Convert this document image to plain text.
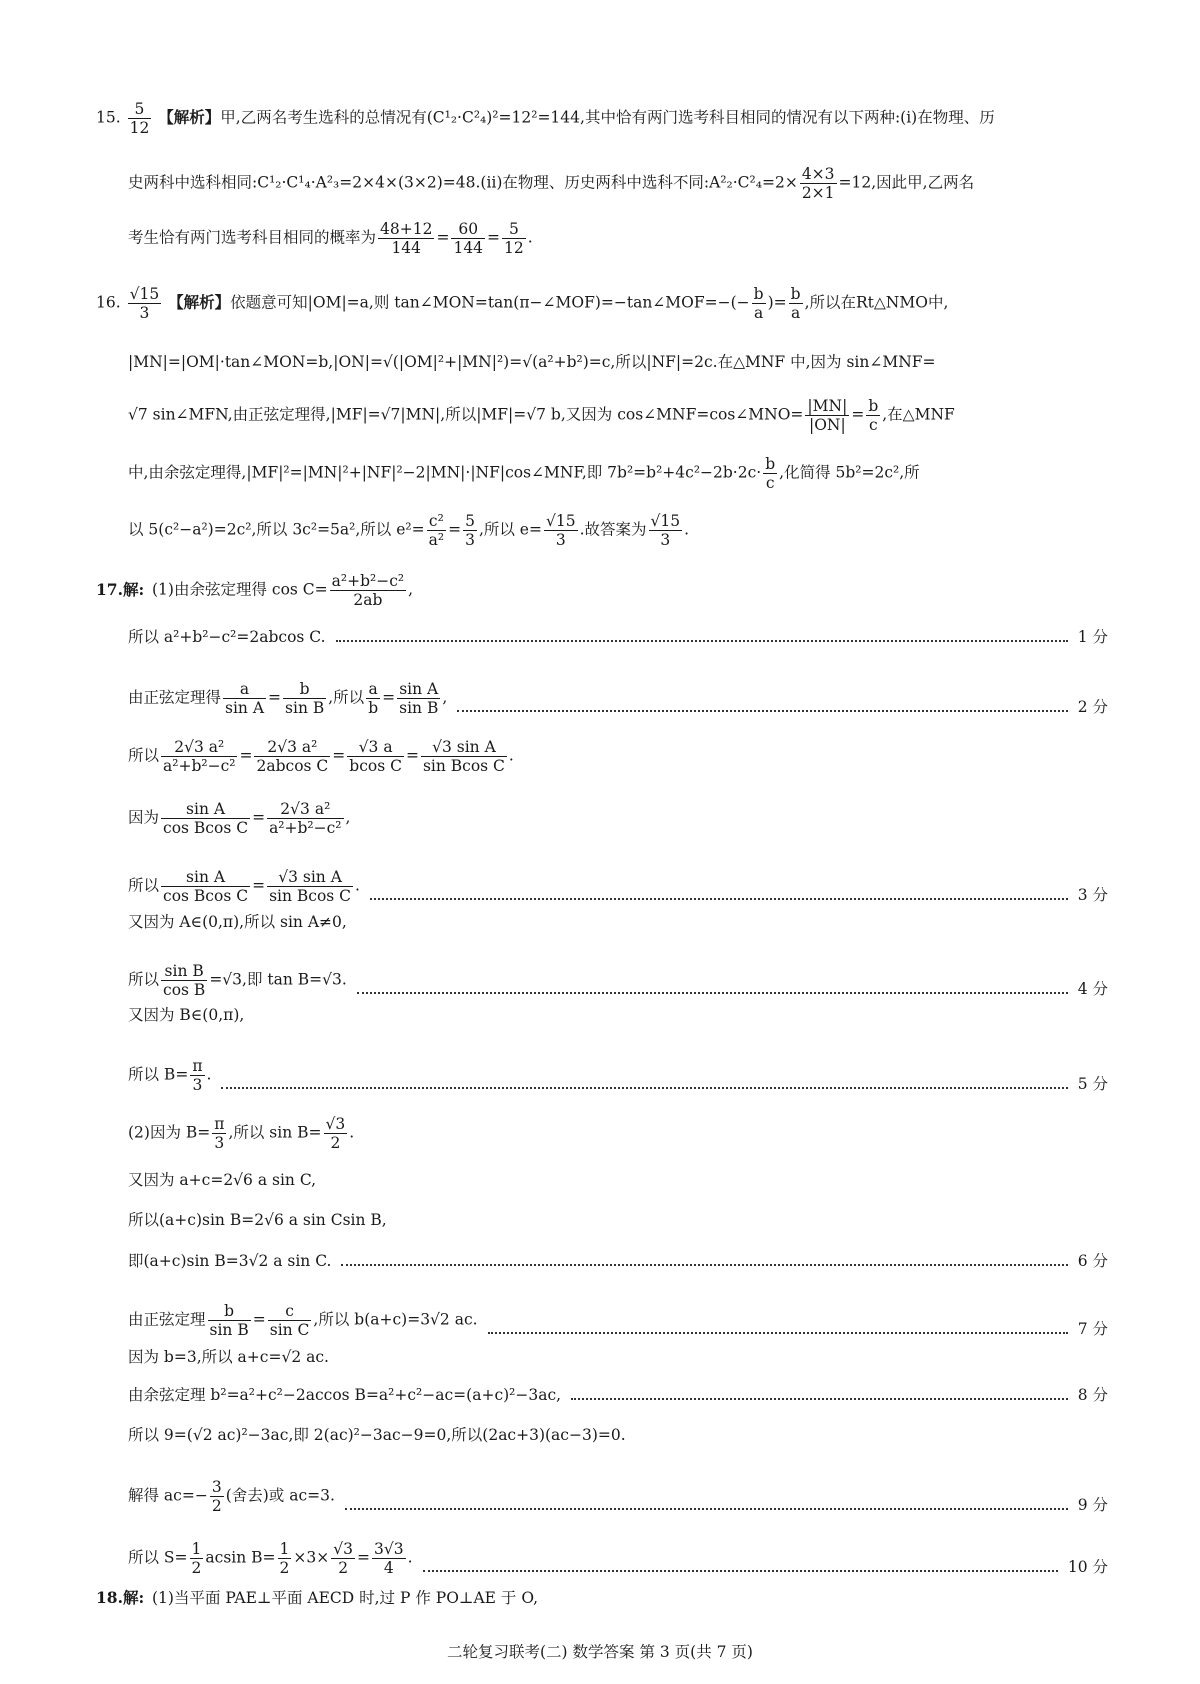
15. $\frac{5}{12}$ 【解析】甲,乙两名考生选科的总情况有(C¹₂·C²₄)²=12²=144,其中恰有两门选考科目相同的情况有以下两种:(ⅰ)在物理、历
史两科中选科相同:C¹₂·C¹₄·A²₃=2×4×(3×2)=48.(ⅱ)在物理、历史两科中选科不同:A²₂·C²₄=2× $\frac{4\times 3}{2\times 1} =12$,因此甲,乙两名
考生恰有两门选考科目相同的概率为 $\frac{48+12}{144} = \frac{60}{144} = \frac{5}{12}$ .
16. $\frac{√15}{3}$ 【解析】依题意可知|OM|=a,则 tan∠MON=tan(π−∠MOF)=−tan∠MOF=−(− $\frac{b}{a}$ )= $\frac{b}{a}$ ,所以在Rt△NMO中,
|MN|=|OM|·tan∠MON=b,|ON|=√(|OM|²+|MN|²)=√(a²+b²)=c,所以|NF|=2c.在△MNF 中,因为 sin∠MNF=
√7 sin∠MFN,由正弦定理得,|MF|=√7|MN|,所以|MF|=√7 b,又因为 cos∠MNF=cos∠MNO= $\frac{|MN|}{|ON|} = \frac{b}{c}$ ,在△MNF
中,由余弦定理得,|MF|²=|MN|²+|NF|²−2|MN|·|NF|cos∠MNF,即 $7b^2=b^2+4c^2-2b\cdot 2c\cdot \frac{b}{c}$ ,化简得 5b²=2c²,所
以 5(c²−a²)=2c²,所以 3c²=5a²,所以 $e^2= \frac{\text{c²}}{\text{a²}} = \frac{5}{3}$ ,所以 $e= \frac{√15}{3}$ .故答案为 $\frac{√15}{3}$ .
17.解: (1)由余弦定理得 $\cos C= \frac{\text{a²+b²−c²}}{2ab}$ ,
所以 a²+b²−c²=2abcos C.	1 分
由正弦定理得 $\frac{a}{\text{sin A}} = \frac{b}{\text{sin B}}$ ,所以 $\frac{a}{b} = \frac{\text{sin A}}{\text{sin B}}$ ,
2 分
所以 $\frac{\text{2√3 a²}}{\text{a²+b²−c²}} = \frac{\text{2√3 a²}}{\text{2abcos C}} = \frac{√3 a}{\text{bcos C}} = \frac{\text{√3 sin A}}{\text{sin Bcos C}}$ .
因为 $\frac{\text{sin A}}{\text{cos Bcos C}} = \frac{\text{2√3 a²}}{\text{a²+b²−c²}}$ ,
所以 $\frac{\text{sin A}}{\text{cos Bcos C}} = \frac{\text{√3 sin A}}{\text{sin Bcos C}}$ .
3 分
又因为 A∈(0,π),所以 sin A≠0,
所以 $\frac{\text{sin B}}{\text{cos B}} =√3$,即 tan B=√3.
4 分
又因为 B∈(0,π),
所以 $B= \frac{\pi}{3}$ .
5 分
(2)因为 $B= \frac{\pi}{3}$ ,所以 $\sin B= \frac{√3}{2}$ .
又因为 a+c=2√6 a sin C,
所以(a+c)sin B=2√6 a sin Csin B,
即(a+c)sin B=3√2 a sin C.	6 分
由正弦定理 $\frac{b}{\text{sin B}} = \frac{c}{\text{sin C}}$ ,所以 b(a+c)=3√2 ac.
7 分
因为 b=3,所以 a+c=√2 ac.
由余弦定理 b²=a²+c²−2accos B=a²+c²−ac=(a+c)²−3ac,	8 分
所以 9=(√2 ac)²−3ac,即 2(ac)²−3ac−9=0,所以(2ac+3)(ac−3)=0.
解得 $ac=- \frac{3}{2}$ (舍去)或 ac=3.
9 分
所以 $S= \frac{1}{2}$ acsin $B= \frac{1}{2} \times 3\times \frac{√3}{2} = \frac{3√3}{4}$ .
10 分
18.解: (1)当平面 PAE⊥平面 AECD 时,过 P 作 PO⊥AE 于 O,
二轮复习联考(二) 数学答案 第 3 页(共 7 页)
